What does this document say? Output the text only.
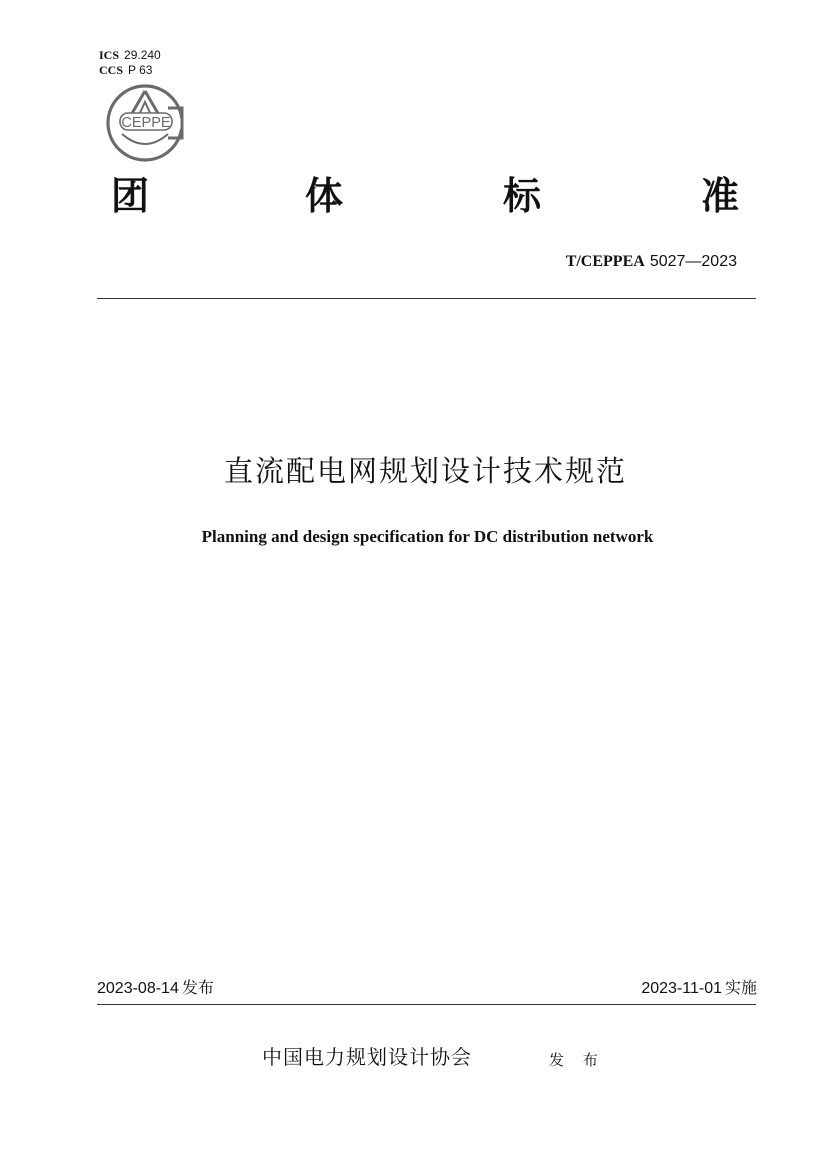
ICS 29.240
CCS P 63
CEPPE
团	体	标	准
T/CEPPEA 5027—2023
直流配电网规划设计技术规范
Planning and design specification for DC distribution network
2023-08-14 发布	2023-11-01 实施
中国电力规划设计协会	发 布
